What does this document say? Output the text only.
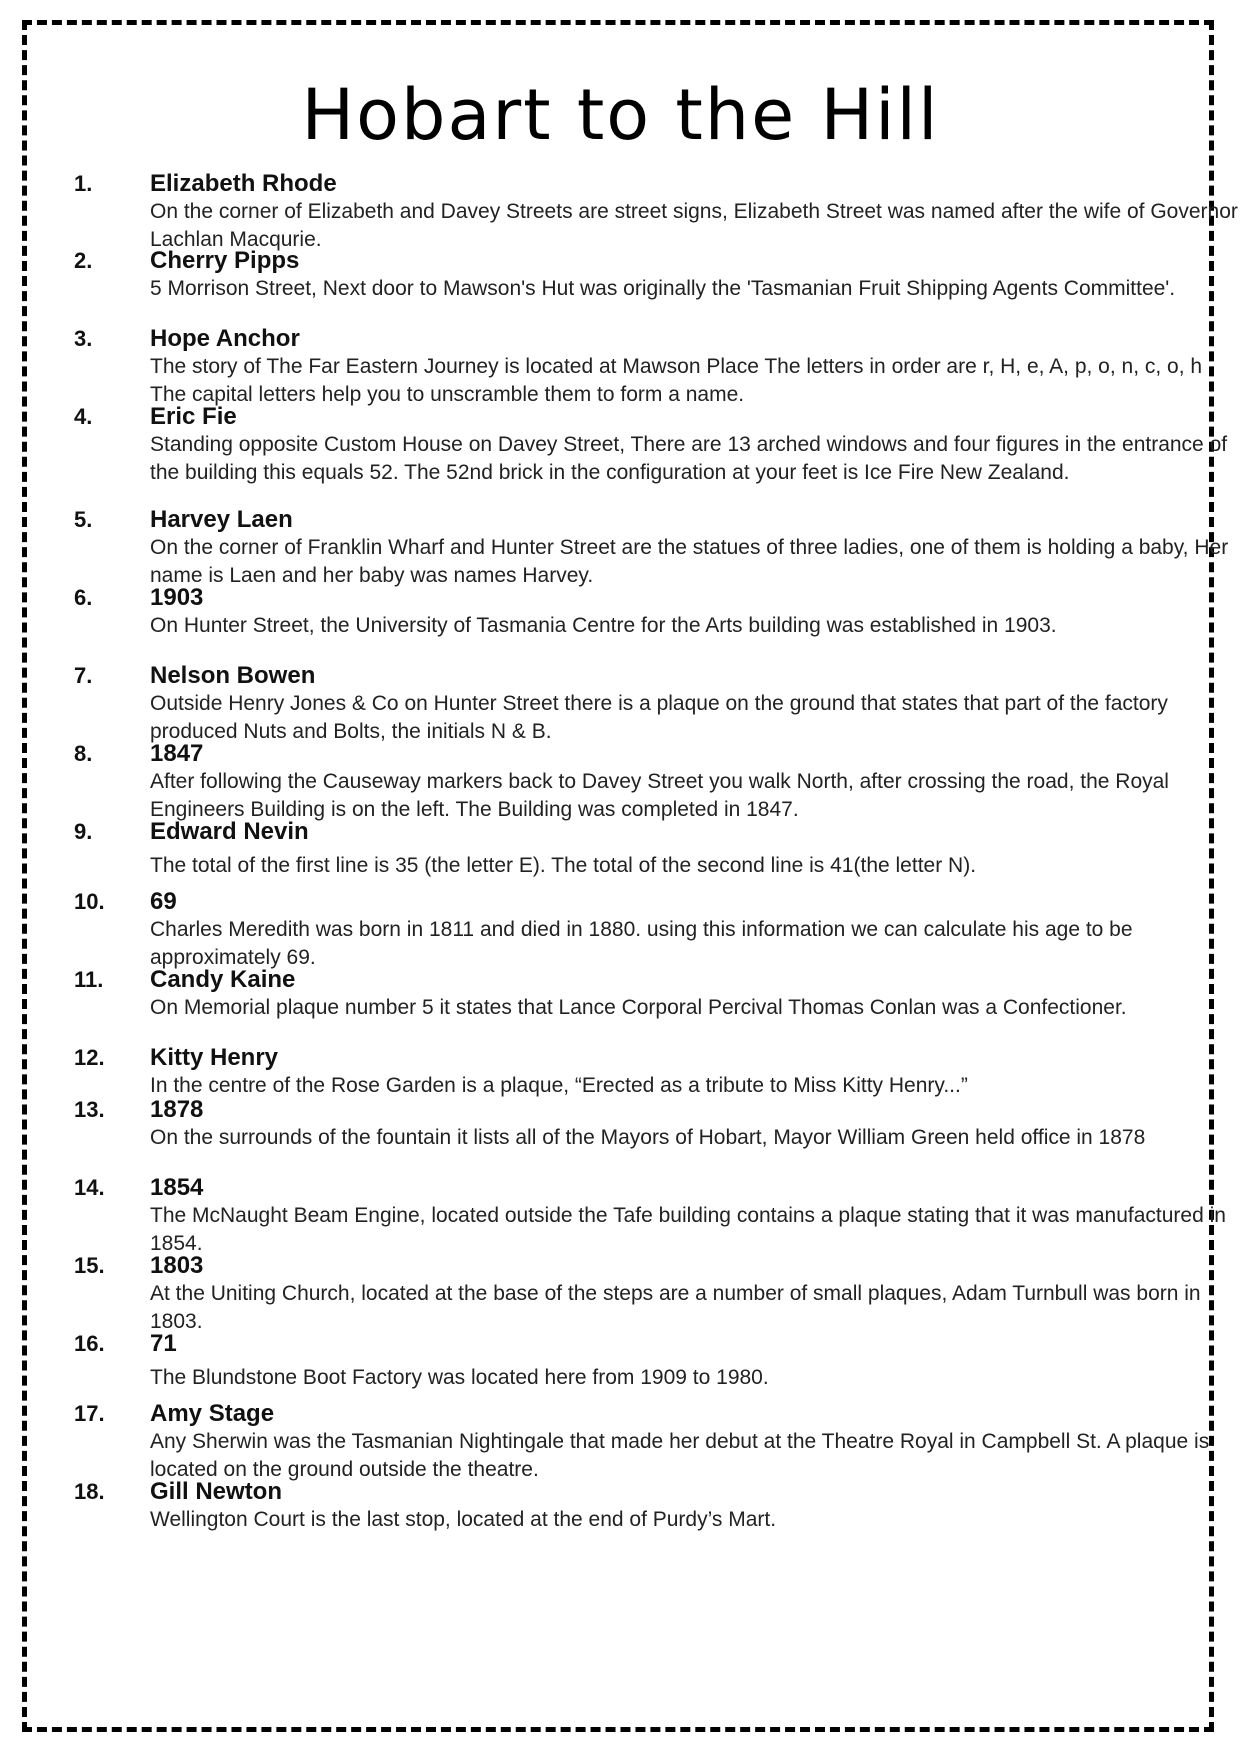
Hobart to the Hill
1. Elizabeth Rhode
On the corner of Elizabeth and Davey Streets are street signs, Elizabeth Street was named after the wife of Governor Lachlan Macqurie.
2. Cherry Pipps
5 Morrison Street, Next door to Mawson's Hut was originally the 'Tasmanian Fruit Shipping Agents Committee'.
3. Hope Anchor
The story of The Far Eastern Journey is located at Mawson Place The letters in order are r, H, e, A, p, o, n, c, o, h The capital letters help you to unscramble them to form a name.
4. Eric Fie
Standing opposite Custom House on Davey Street, There are 13 arched windows and four figures in the entrance of the building this equals 52. The 52nd brick in the configuration at your feet is Ice Fire New Zealand.
5. Harvey Laen
On the corner of Franklin Wharf and Hunter Street are the statues of three ladies, one of them is holding a baby, Her name is Laen and her baby was names Harvey.
6. 1903
On Hunter Street, the University of Tasmania Centre for the Arts building was established in 1903.
7. Nelson Bowen
Outside Henry Jones & Co on Hunter Street there is a plaque on the ground that states that part of the factory produced Nuts and Bolts, the initials N & B.
8. 1847
After following the Causeway markers back to Davey Street you walk North, after crossing the road, the Royal Engineers Building is on the left. The Building was completed in 1847.
9. Edward Nevin
The total of the first line is 35 (the letter E). The total of the second line is 41(the letter N).
10. 69
Charles Meredith was born in 1811 and died in 1880. using this information we can calculate his age to be approximately 69.
11. Candy Kaine
On Memorial plaque number 5 it states that Lance Corporal Percival Thomas Conlan was a Confectioner.
12. Kitty Henry
In the centre of the Rose Garden is a plaque, “Erected as a tribute to Miss Kitty Henry...”
13. 1878
On the surrounds of the fountain it lists all of the Mayors of Hobart, Mayor William Green held office in 1878
14. 1854
The McNaught Beam Engine, located outside the Tafe building contains a plaque stating that it was manufactured in 1854.
15. 1803
At the Uniting Church, located at the base of the steps are a number of small plaques, Adam Turnbull was born in 1803.
16. 71
The Blundstone Boot Factory was located here from 1909 to 1980.
17. Amy Stage
Any Sherwin was the Tasmanian Nightingale that made her debut at the Theatre Royal in Campbell St. A plaque is located on the ground outside the theatre.
18. Gill Newton
Wellington Court is the last stop, located at the end of Purdy’s Mart.
